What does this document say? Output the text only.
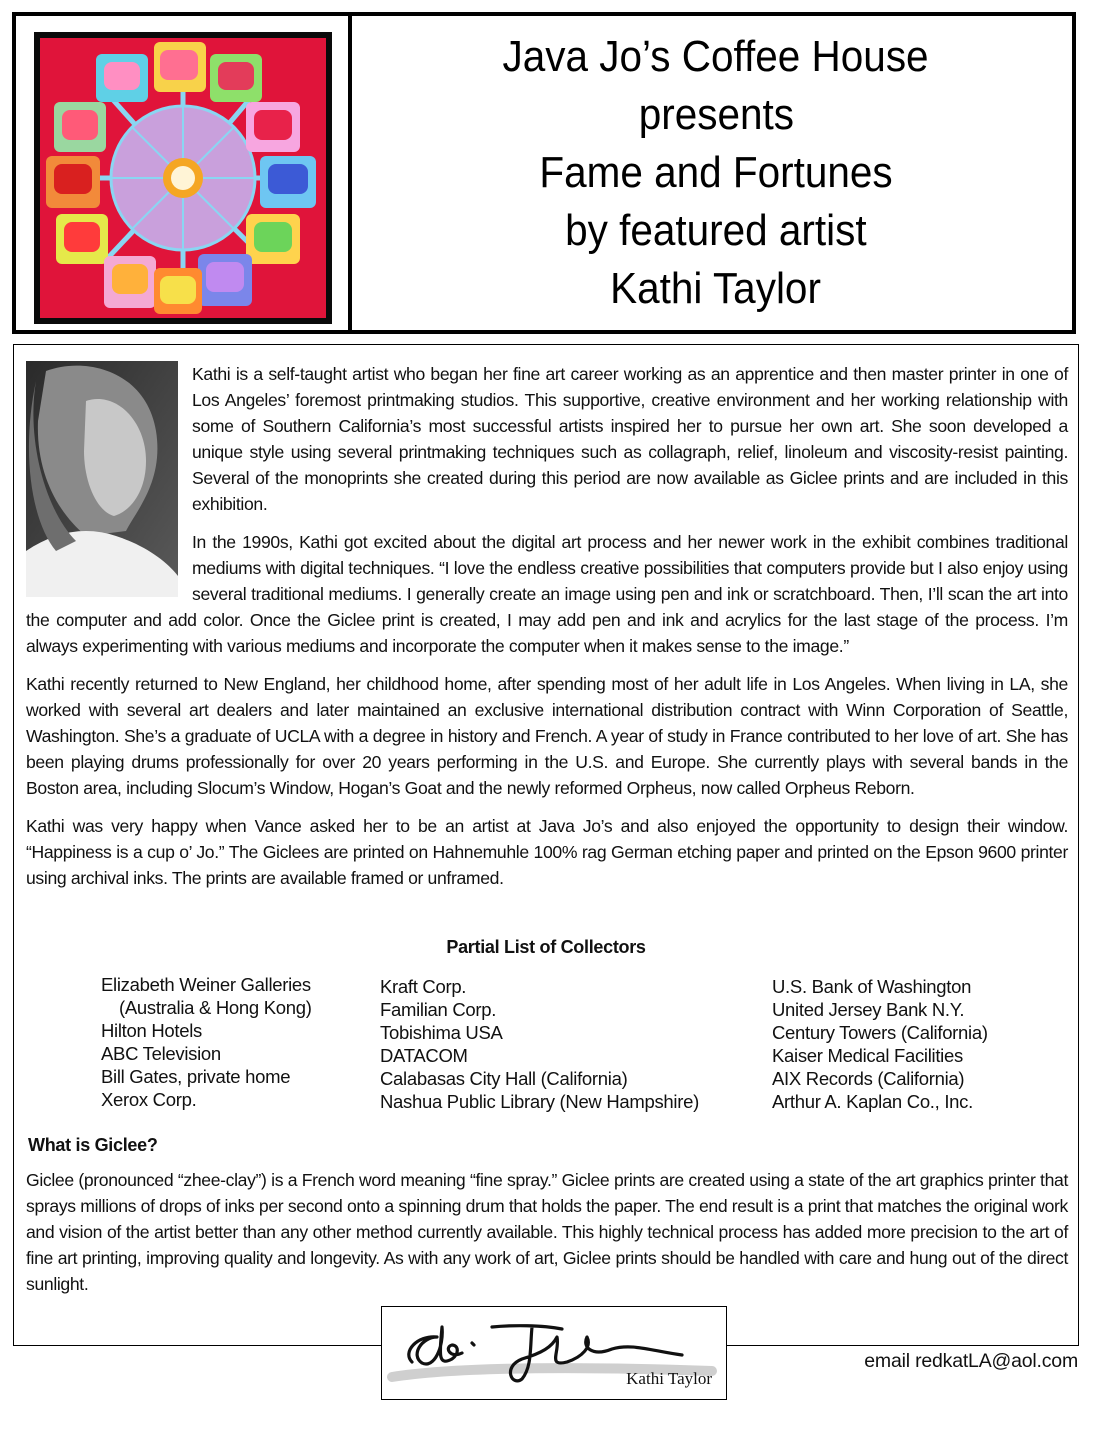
Java Jo’s Coffee House
presents
Fame and Fortunes
by featured artist
Kathi Taylor

Kathi is a self-taught artist who began her fine art career working as an apprentice and then master printer in one of Los Angeles’ foremost printmaking studios. This supportive, creative environment and her working relationship with some of Southern California’s most successful artists inspired her to pursue her own art. She soon developed a unique style using several printmaking techniques such as collagraph, relief, linoleum and viscosity-resist painting. Several of the monoprints she created during this period are now available as Giclee prints and are included in this exhibition.

In the 1990s, Kathi got excited about the digital art process and her newer work in the exhibit combines traditional mediums with digital techniques. “I love the endless creative possibilities that computers provide but I also enjoy using several traditional mediums. I generally create an image using pen and ink or scratchboard. Then, I’ll scan the art into the computer and add color. Once the Giclee print is created, I may add pen and ink and acrylics for the last stage of the process. I’m always experimenting with various mediums and incorporate the computer when it makes sense to the image.”

Kathi recently returned to New England, her childhood home, after spending most of her adult life in Los Angeles. When living in LA, she worked with several art dealers and later maintained an exclusive international distribution contract with Winn Corporation of Seattle, Washington. She’s a graduate of UCLA with a degree in history and French. A year of study in France contributed to her love of art. She has been playing drums professionally for over 20 years performing in the U.S. and Europe. She currently plays with several bands in the Boston area, including Slocum’s Window, Hogan’s Goat and the newly reformed Orpheus, now called Orpheus Reborn.

Kathi was very happy when Vance asked her to be an artist at Java Jo’s and also enjoyed the opportunity to design their window. “Happiness is a cup o’ Jo.” The Giclees are printed on Hahnemuhle 100% rag German etching paper and printed on the Epson 9600 printer using archival inks. The prints are available framed or unframed.

Partial List of Collectors
Elizabeth Weiner Galleries
(Australia & Hong Kong)
Hilton Hotels
ABC Television
Bill Gates, private home
Xerox Corp.
Kraft Corp.
Familian Corp.
Tobishima USA
DATACOM
Calabasas City Hall (California)
Nashua Public Library (New Hampshire)
U.S. Bank of Washington
United Jersey Bank N.Y.
Century Towers (California)
Kaiser Medical Facilities
AIX Records (California)
Arthur A. Kaplan Co., Inc.
What is Giclee?

Giclee (pronounced “zhee-clay”) is a French word meaning “fine spray.” Giclee prints are created using a state of the art graphics printer that sprays millions of drops of inks per second onto a spinning drum that holds the paper. The end result is a print that matches the original work and vision of the artist better than any other method currently available. This highly technical process has added more precision to the art of fine art printing, improving quality and longevity. As with any work of art, Giclee prints should be handled with care and hung out of the direct sunlight.

Kathi Taylor
email redkatLA@aol.com
